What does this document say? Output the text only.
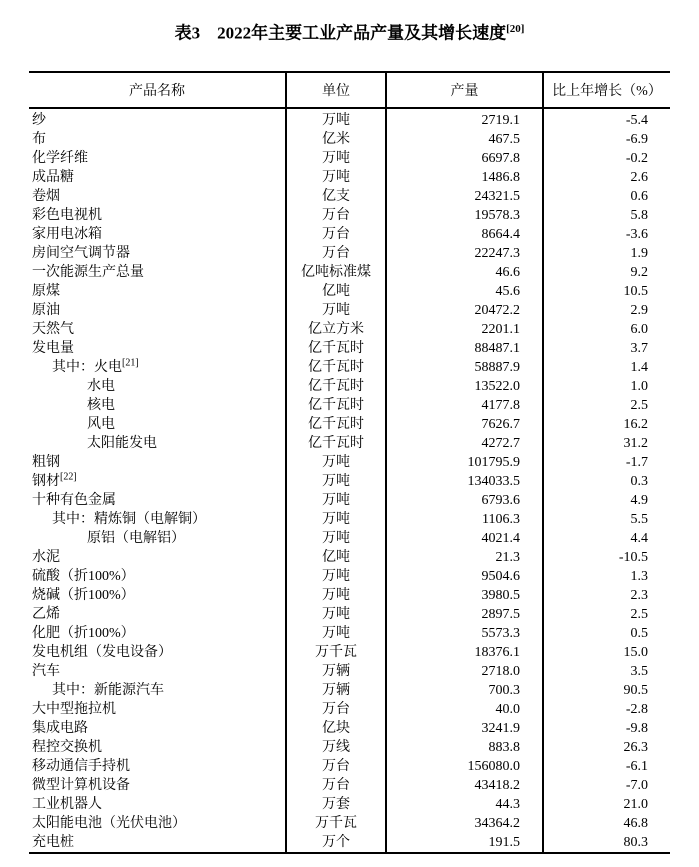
表3　2022年主要工业产品产量及其增长速度[20]
产品名称	单位	产量	比上年增长（%）
纱	万吨	2719.1	-5.4
布	亿米	467.5	-6.9
化学纤维	万吨	6697.8	-0.2
成品糖	万吨	1486.8	2.6
卷烟	亿支	24321.5	0.6
彩色电视机	万台	19578.3	5.8
家用电冰箱	万台	8664.4	-3.6
房间空气调节器	万台	22247.3	1.9
一次能源生产总量	亿吨标准煤	46.6	9.2
原煤	亿吨	45.6	10.5
原油	万吨	20472.2	2.9
天然气	亿立方米	2201.1	6.0
发电量	亿千瓦时	88487.1	3.7
其中：火电[21]	亿千瓦时	58887.9	1.4
水电	亿千瓦时	13522.0	1.0
核电	亿千瓦时	4177.8	2.5
风电	亿千瓦时	7626.7	16.2
太阳能发电	亿千瓦时	4272.7	31.2
粗钢	万吨	101795.9	-1.7
钢材[22]	万吨	134033.5	0.3
十种有色金属	万吨	6793.6	4.9
其中：精炼铜（电解铜）	万吨	1106.3	5.5
原铝（电解铝）	万吨	4021.4	4.4
水泥	亿吨	21.3	-10.5
硫酸（折100%）	万吨	9504.6	1.3
烧碱（折100%）	万吨	3980.5	2.3
乙烯	万吨	2897.5	2.5
化肥（折100%）	万吨	5573.3	0.5
发电机组（发电设备）	万千瓦	18376.1	15.0
汽车	万辆	2718.0	3.5
其中：新能源汽车	万辆	700.3	90.5
大中型拖拉机	万台	40.0	-2.8
集成电路	亿块	3241.9	-9.8
程控交换机	万线	883.8	26.3
移动通信手持机	万台	156080.0	-6.1
微型计算机设备	万台	43418.2	-7.0
工业机器人	万套	44.3	21.0
太阳能电池（光伏电池）	万千瓦	34364.2	46.8
充电桩	万个	191.5	80.3
